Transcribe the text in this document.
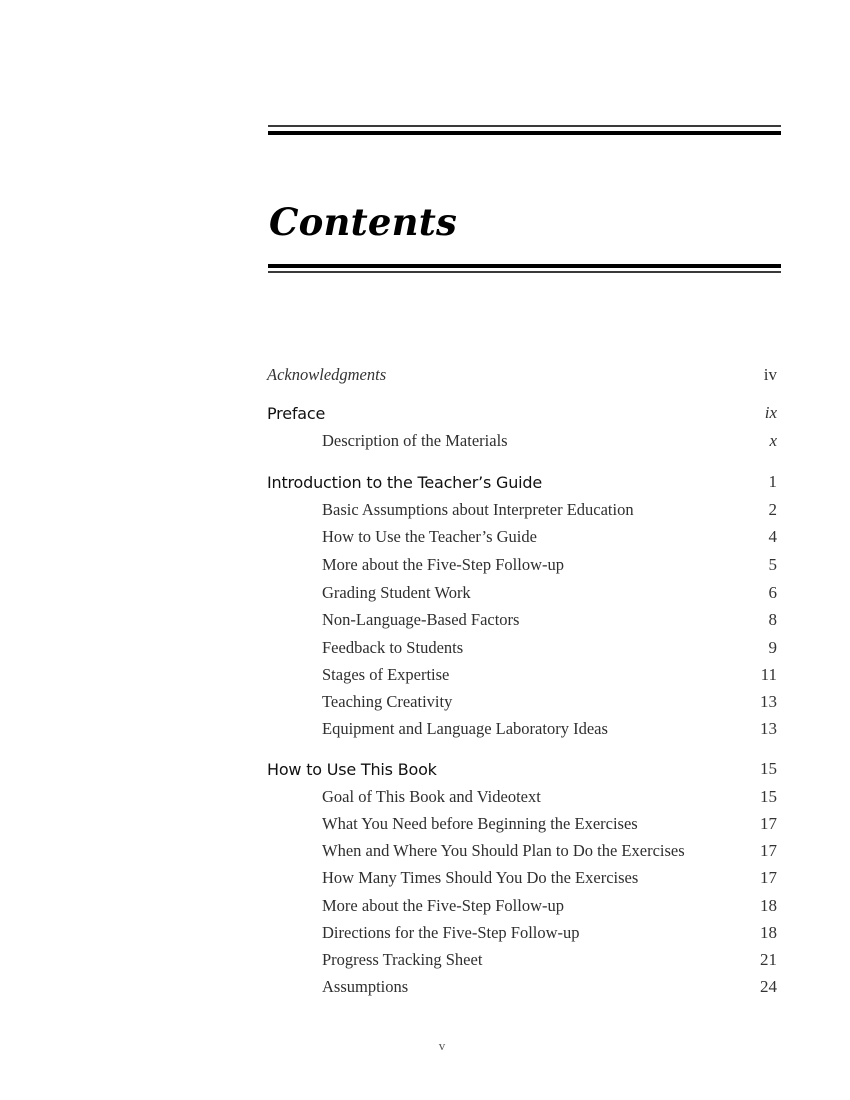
Contents
Acknowledgments	iv
Preface	ix
Description of the Materials	x
Introduction to the Teacher’s Guide	1
Basic Assumptions about Interpreter Education	2
How to Use the Teacher’s Guide	4
More about the Five-Step Follow-up	5
Grading Student Work	6
Non-Language-Based Factors	8
Feedback to Students	9
Stages of Expertise	11
Teaching Creativity	13
Equipment and Language Laboratory Ideas	13
How to Use This Book	15
Goal of This Book and Videotext	15
What You Need before Beginning the Exercises	17
When and Where You Should Plan to Do the Exercises	17
How Many Times Should You Do the Exercises	17
More about the Five-Step Follow-up	18
Directions for the Five-Step Follow-up	18
Progress Tracking Sheet	21
Assumptions	24
v
